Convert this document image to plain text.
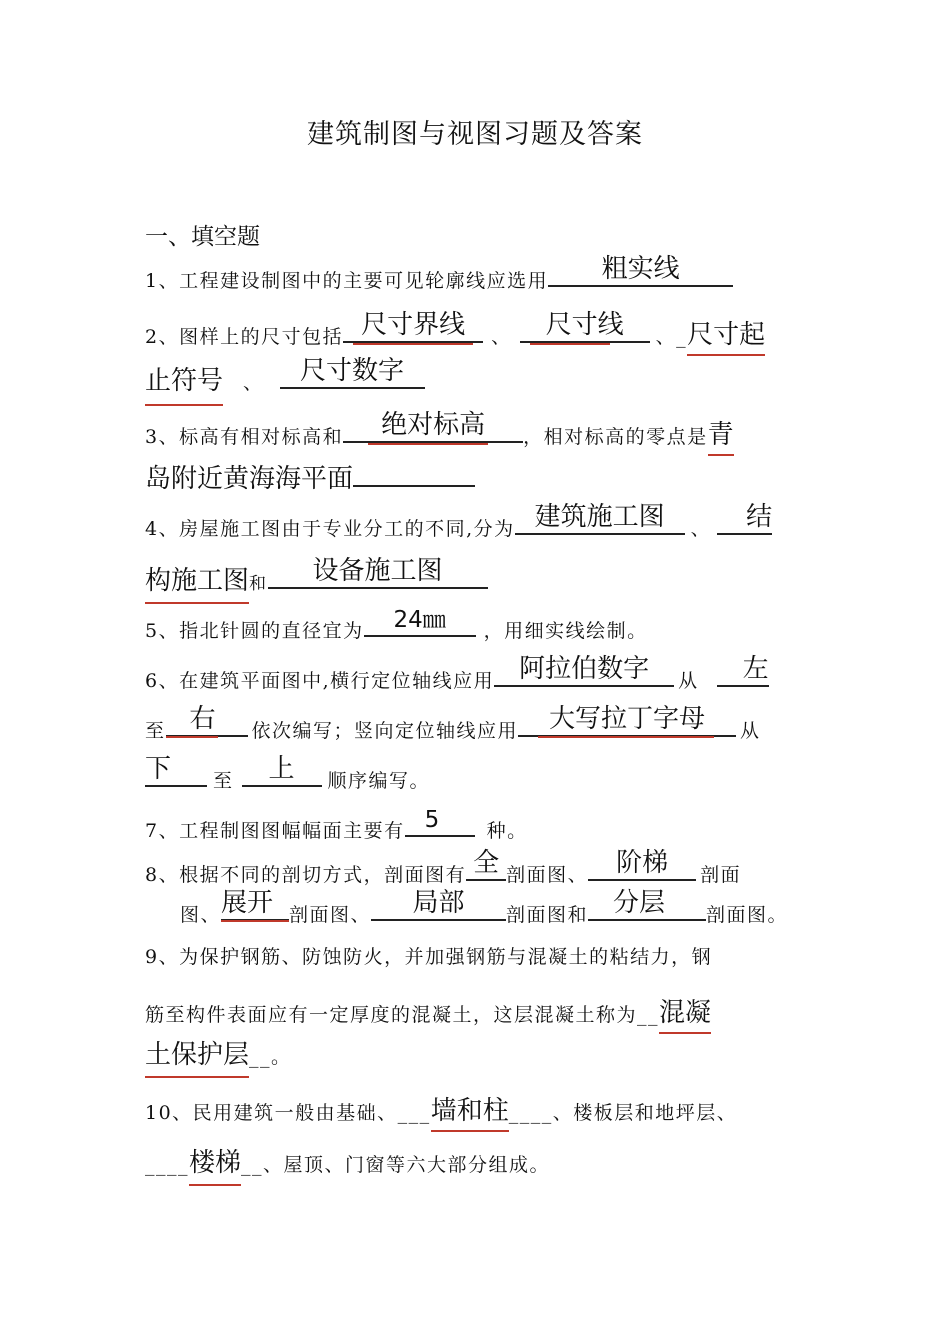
建筑制图与视图习题及答案
一、填空题
1、工程建设制图中的主要可见轮廓线应选用	粗实线
2、图样上的尺寸包括 尺寸界线	、	尺寸线	、_尺寸起
止符号 、	尺寸数字
3、标高有相对标高和	绝对标高	，相对标高的零点是青
岛附近黄海海平面
4、房屋施工图由于专业分工的不同,分为 建筑施工图	、	结
构施工图
和	设备施工图
5、指北针圆的直径宜为	24㎜	，用细实线绘制。
6、在建筑平面图中,横行定位轴线应用 阿拉伯数字	从	左
至 右	依次编写；竖向定位轴线应用	大写拉丁字母	从
下	至	上	顺序编写。
7、工程制图图幅幅面主要有 5	种。
8、根据不同的剖切方式，剖面图有 全 剖面图、	阶梯	剖面
图、 展开 剖面图、	局部	剖面图和 分层	剖面图。
9、为保护钢筋、防蚀防火，并加强钢筋与混凝土的粘结力，钢
筋至构件表面应有一定厚度的混凝土，这层混凝土称为__混凝
土保护层
__。
10、民用建筑一般由基础、___墙和柱
____、楼板层和地坪层、
____楼梯
__、屋顶、门窗等六大部分组成。
